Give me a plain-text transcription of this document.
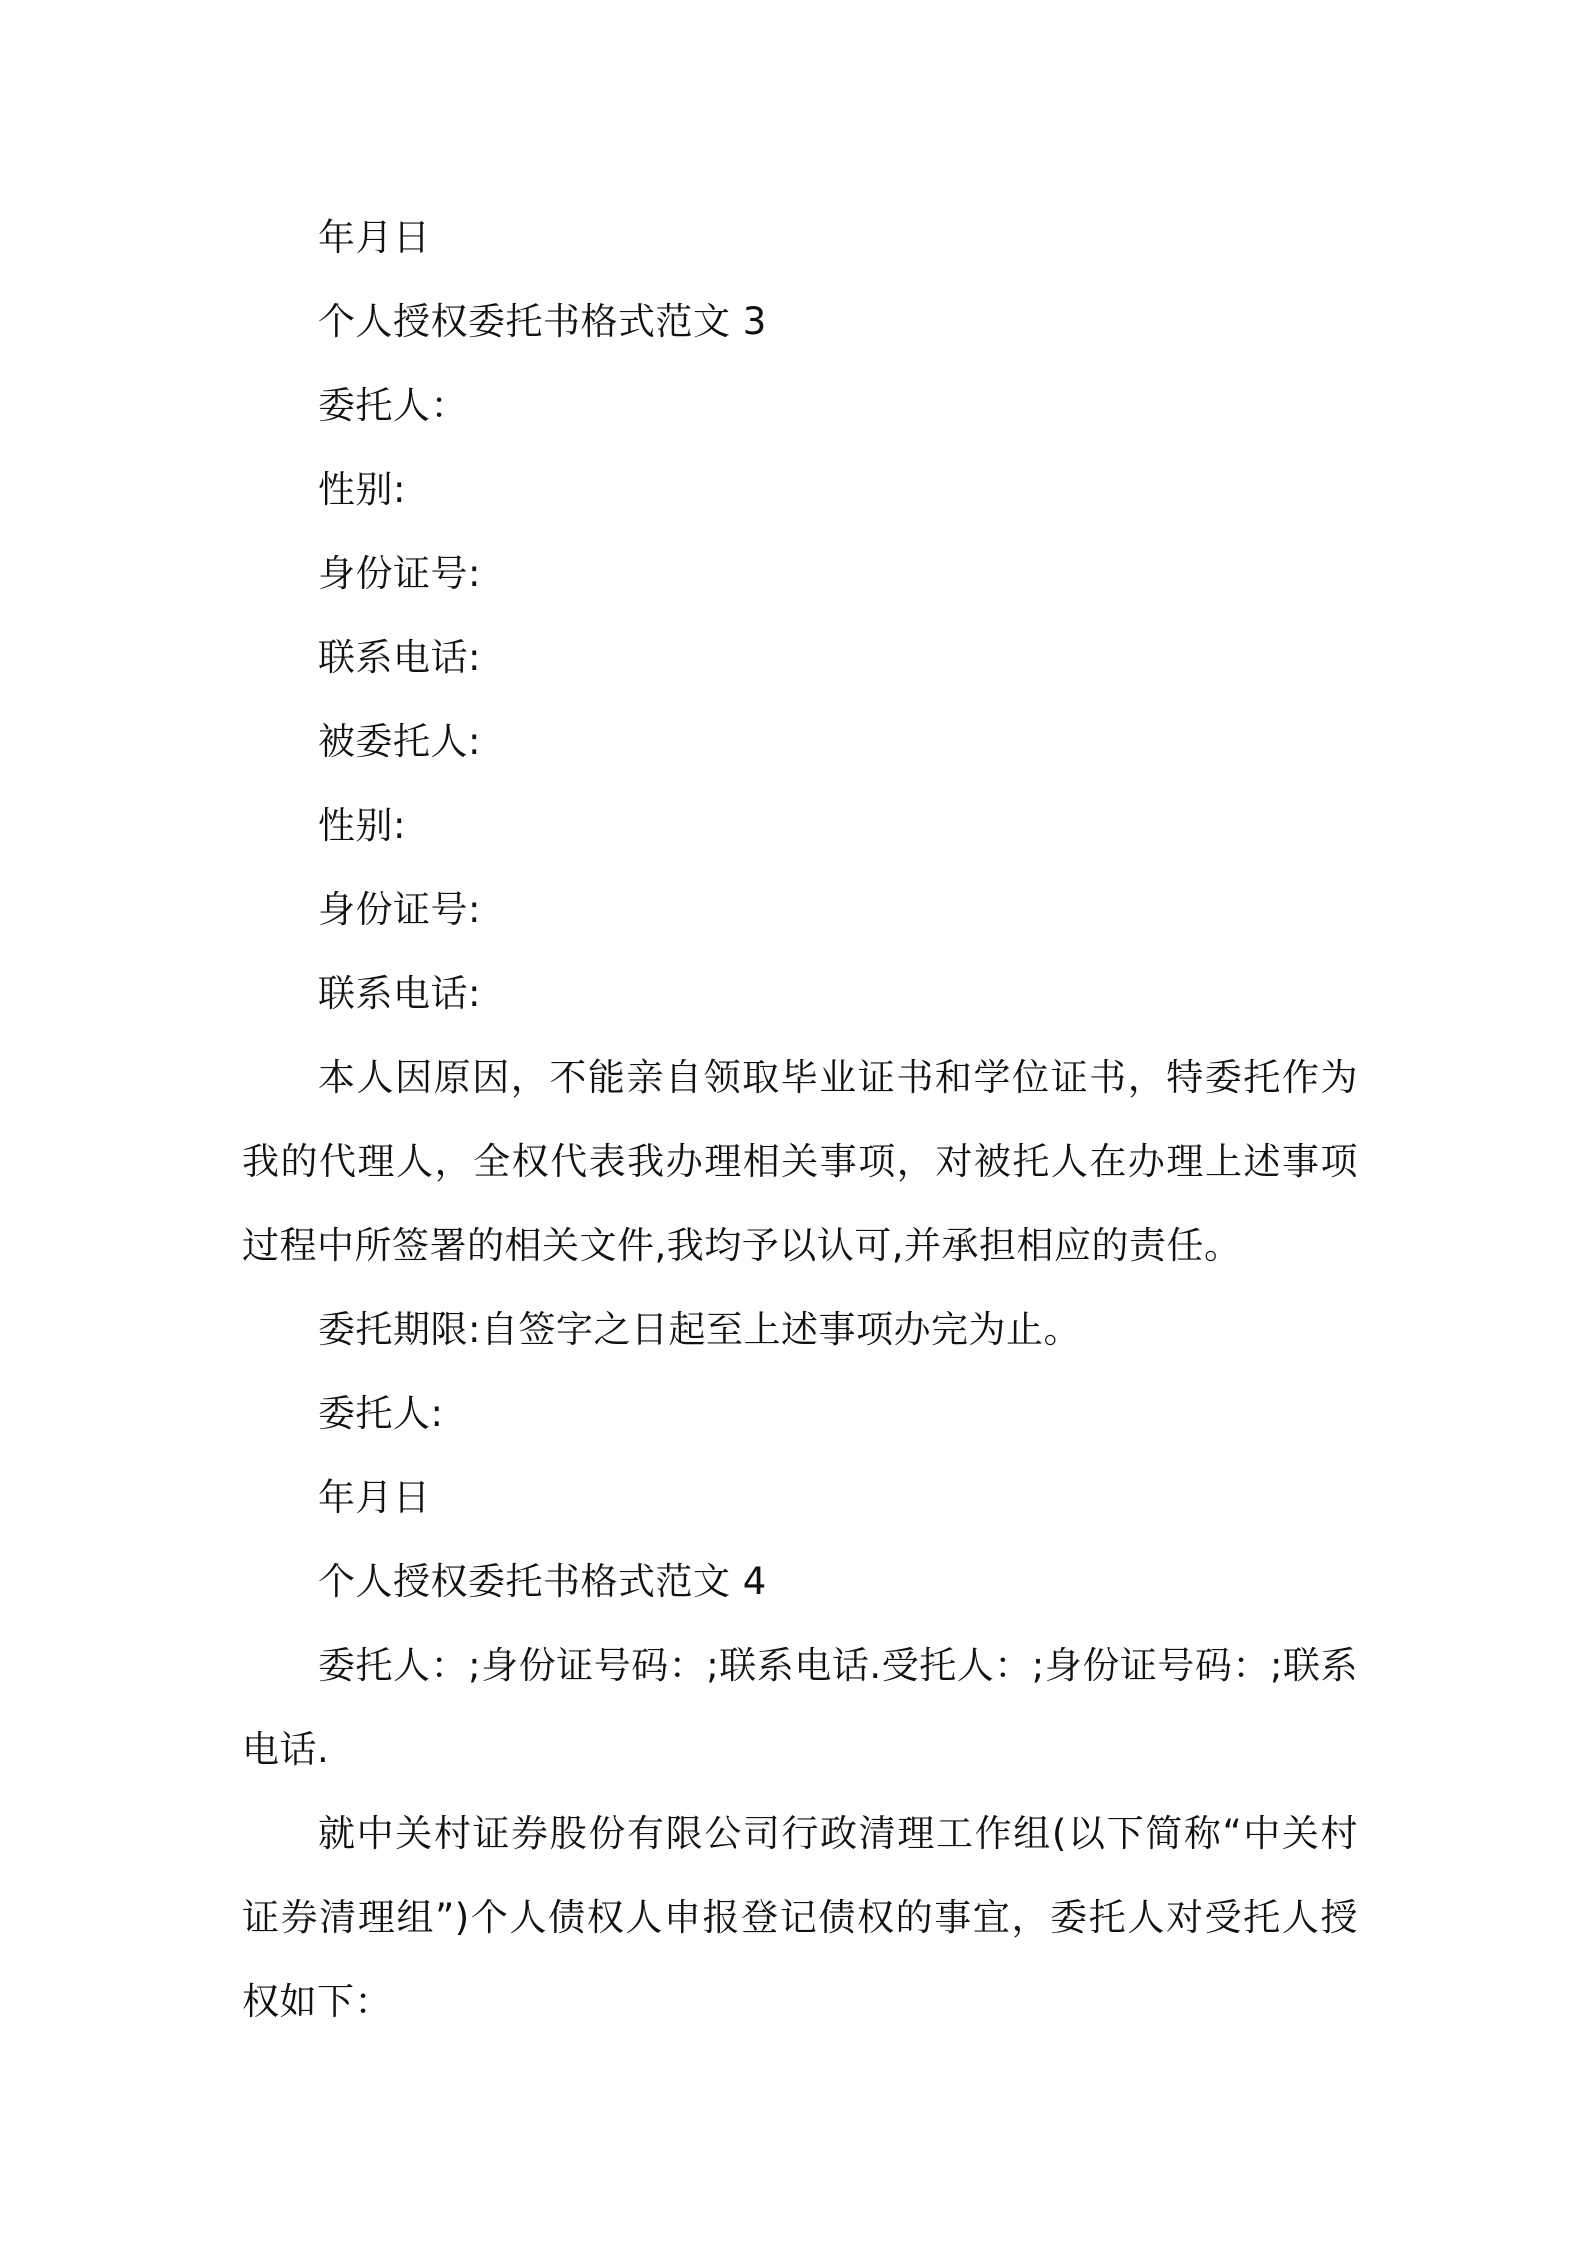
年月日
个人授权委托书格式范文 3
委托人：
性别:
身份证号:
联系电话:
被委托人:
性别:
身份证号:
联系电话:
本人因原因，不能亲自领取毕业证书和学位证书，特委托作为我的代理人，全权代表我办理相关事项，对被托人在办理上述事项过程中所签署的相关文件,我均予以认可,并承担相应的责任。
委托期限:自签字之日起至上述事项办完为止。
委托人:
年月日
个人授权委托书格式范文 4
委托人：;身份证号码：;联系电话.受托人：;身份证号码：;联系电话.
就中关村证券股份有限公司行政清理工作组(以下简称“中关村证券清理组”)个人债权人申报登记债权的事宜，委托人对受托人授权如下：
